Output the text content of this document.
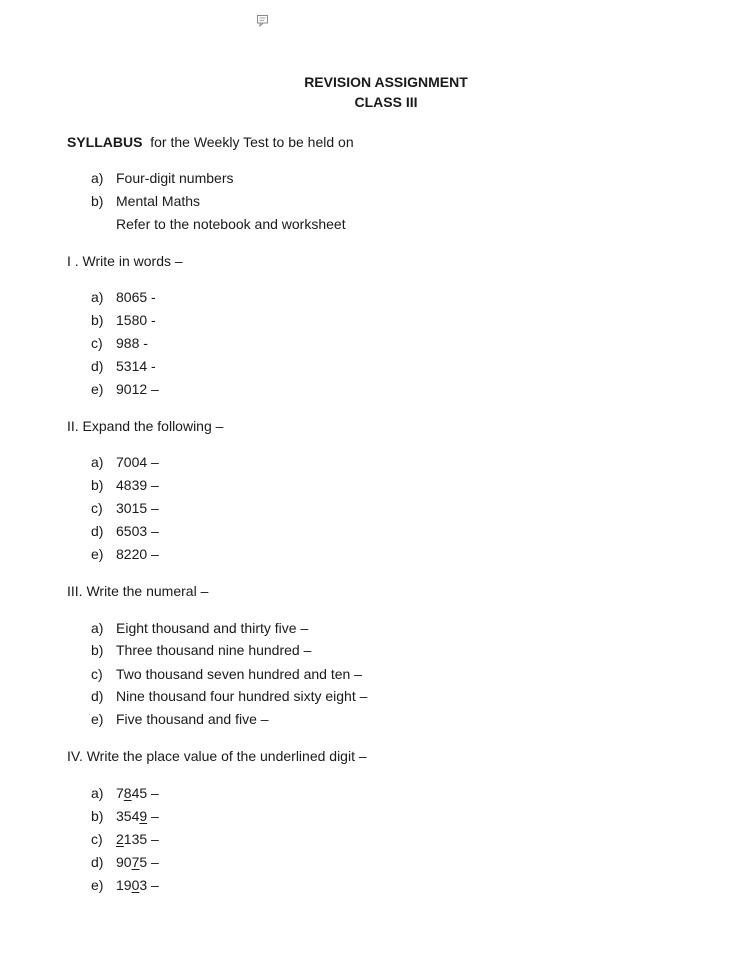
REVISION ASSIGNMENT
CLASS III
SYLLABUS for the Weekly Test to be held on
a) Four-digit numbers
b) Mental Maths
Refer to the notebook and worksheet
I . Write in words –
a) 8065 -
b) 1580 -
c) 988 -
d) 5314 -
e) 9012 –
II. Expand the following –
a) 7004 –
b) 4839 –
c) 3015 –
d) 6503 –
e) 8220 –
III. Write the numeral –
a) Eight thousand and thirty five –
b) Three thousand nine hundred –
c) Two thousand seven hundred and ten –
d) Nine thousand four hundred sixty eight –
e) Five thousand and five –
IV. Write the place value of the underlined digit –
a) 7845 –
b) 3549 –
c) 2135 –
d) 9075 –
e) 1903 –
